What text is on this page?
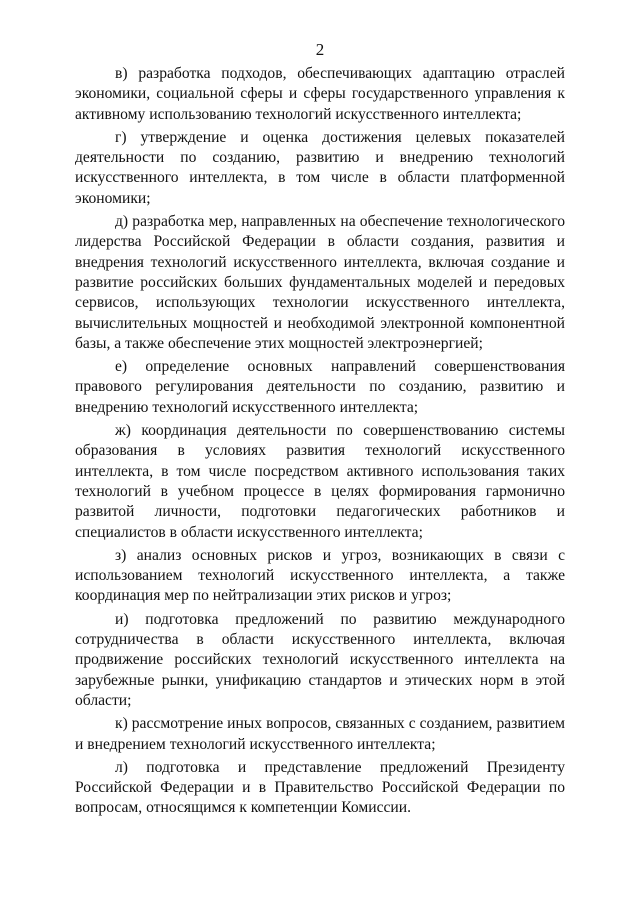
2

в) разработка подходов, обеспечивающих адаптацию отраслей экономики, социальной сферы и сферы государственного управления к активному использованию технологий искусственного интеллекта;

г) утверждение и оценка достижения целевых показателей деятельности по созданию, развитию и внедрению технологий искусственного интеллекта, в том числе в области платформенной экономики;

д) разработка мер, направленных на обеспечение технологического лидерства Российской Федерации в области создания, развития и внедрения технологий искусственного интеллекта, включая создание и развитие российских больших фундаментальных моделей и передовых сервисов, использующих технологии искусственного интеллекта, вычислительных мощностей и необходимой электронной компонентной базы, а также обеспечение этих мощностей электроэнергией;

е) определение основных направлений совершенствования правового регулирования деятельности по созданию, развитию и внедрению технологий искусственного интеллекта;

ж) координация деятельности по совершенствованию системы образования в условиях развития технологий искусственного интеллекта, в том числе посредством активного использования таких технологий в учебном процессе в целях формирования гармонично развитой личности, подготовки педагогических работников и специалистов в области искусственного интеллекта;

з) анализ основных рисков и угроз, возникающих в связи с использованием технологий искусственного интеллекта, а также координация мер по нейтрализации этих рисков и угроз;

и) подготовка предложений по развитию международного сотрудничества в области искусственного интеллекта, включая продвижение российских технологий искусственного интеллекта на зарубежные рынки, унификацию стандартов и этических норм в этой области;

к) рассмотрение иных вопросов, связанных с созданием, развитием и внедрением технологий искусственного интеллекта;

л) подготовка и представление предложений Президенту Российской Федерации и в Правительство Российской Федерации по вопросам, относящимся к компетенции Комиссии.
